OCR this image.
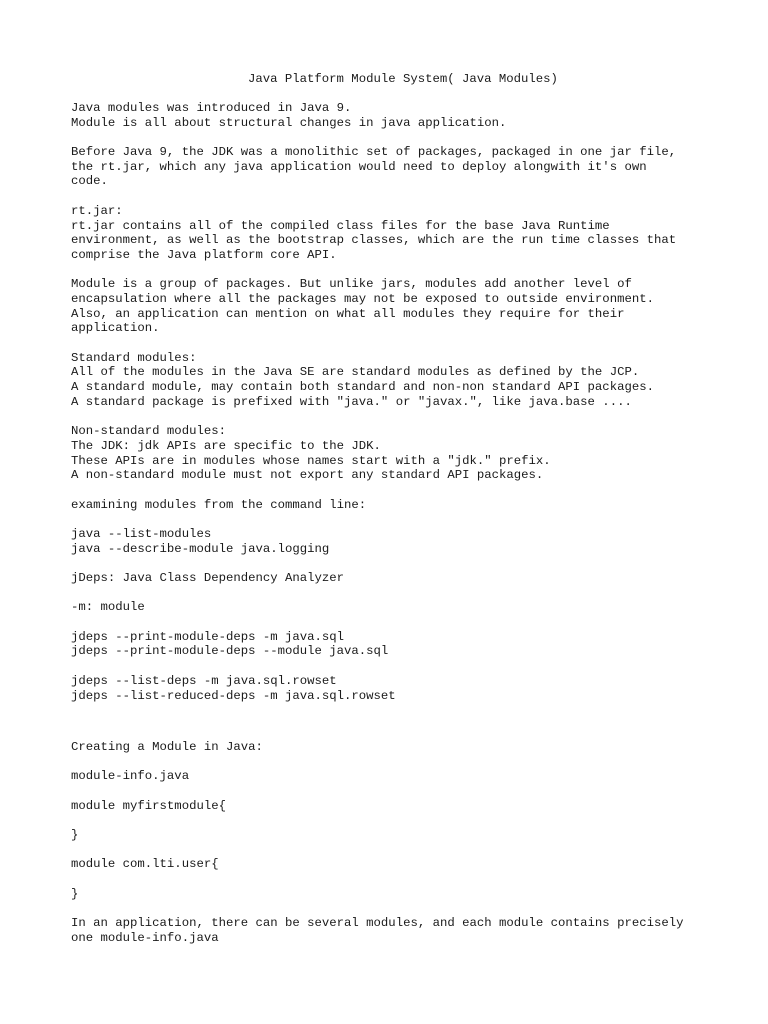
Java Platform Module System( Java Modules)
Java modules was introduced in Java 9.
Module is all about structural changes in java application.
Before Java 9, the JDK was a monolithic set of packages, packaged in one jar file,
the rt.jar, which any java application would need to deploy alongwith it's own
code.
rt.jar:
rt.jar contains all of the compiled class files for the base Java Runtime
environment, as well as the bootstrap classes, which are the run time classes that
comprise the Java platform core API.
Module is a group of packages. But unlike jars, modules add another level of
encapsulation where all the packages may not be exposed to outside environment.
Also, an application can mention on what all modules they require for their
application.
Standard modules:
All of the modules in the Java SE are standard modules as defined by the JCP.
A standard module, may contain both standard and non-non standard API packages.
A standard package is prefixed with "java." or "javax.", like java.base ....
Non-standard modules:
The JDK: jdk APIs are specific to the JDK.
These APIs are in modules whose names start with a "jdk." prefix.
A non-standard module must not export any standard API packages.
examining modules from the command line:
java --list-modules
java --describe-module java.logging
jDeps: Java Class Dependency Analyzer
-m: module
jdeps --print-module-deps -m java.sql
jdeps --print-module-deps --module java.sql
jdeps --list-deps -m java.sql.rowset
jdeps --list-reduced-deps -m java.sql.rowset
Creating a Module in Java:
module-info.java
module myfirstmodule{
}
module com.lti.user{
}
In an application, there can be several modules, and each module contains precisely
one module-info.java
